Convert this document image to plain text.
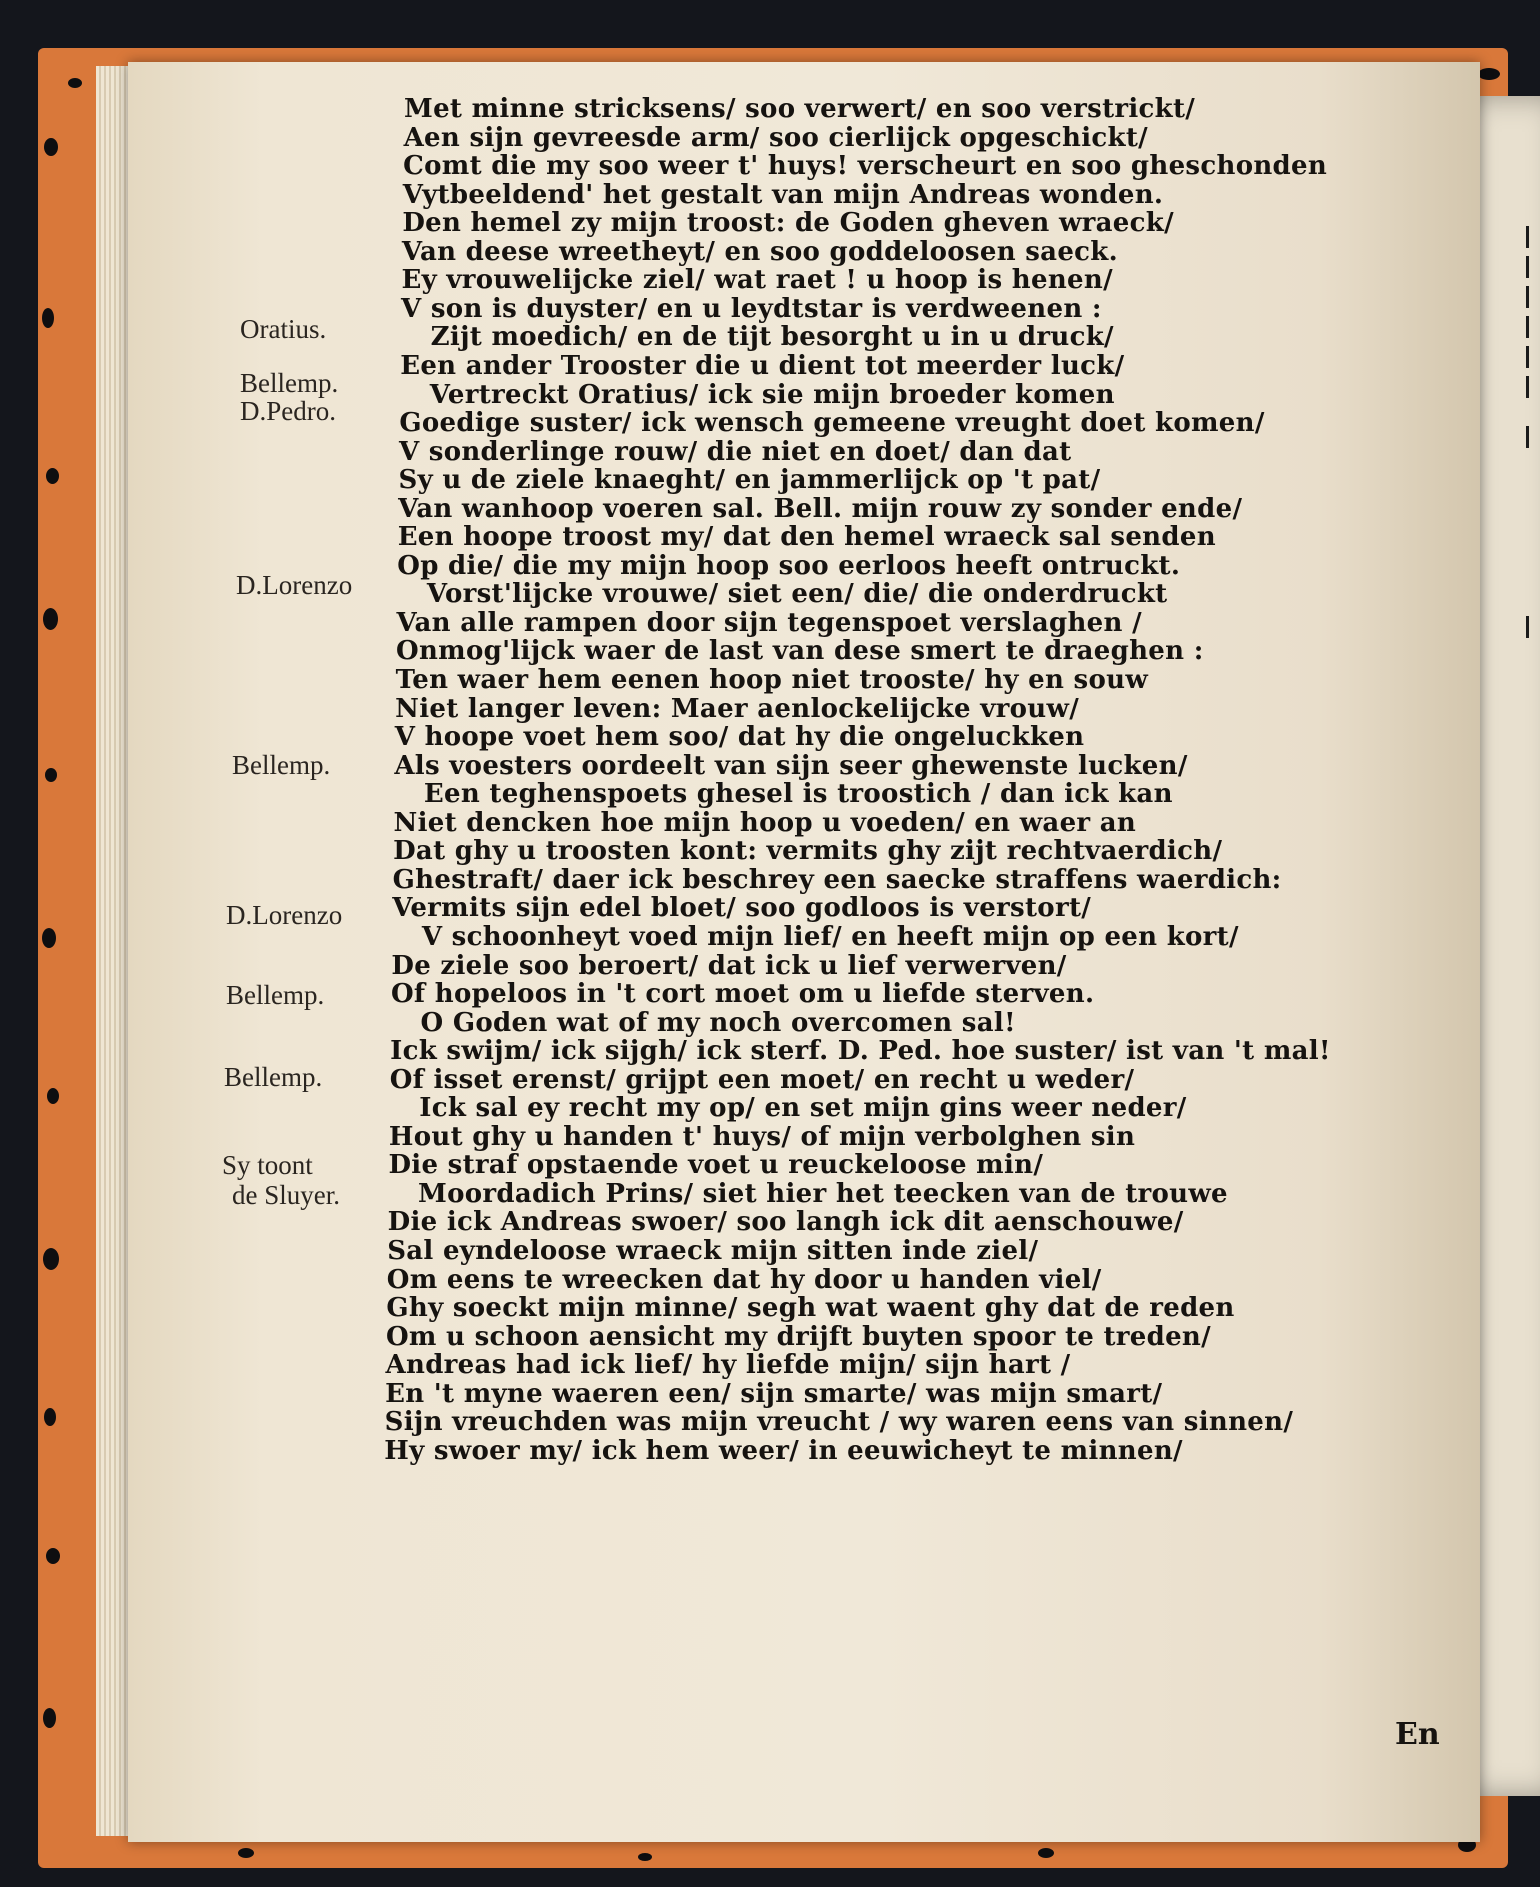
Met minne stricksens/ soo verwert/ en soo verstrickt/
Aen sijn gevreesde arm/ soo cierlijck opgeschickt/
Comt die my soo weer t' huys! verscheurt en soo gheschonden
Vytbeeldend' het gestalt van mijn Andreas wonden.
Den hemel zy mijn troost: de Goden gheven wraeck/
Van deese wreetheyt/ en soo goddeloosen saeck.
Ey vrouwelijcke ziel/ wat raet ! u hoop is henen/
V son is duyster/ en u leydtstar is verdweenen :
Zijt moedich/ en de tijt besorght u in u druck/
Een ander Trooster die u dient tot meerder luck/
Vertreckt Oratius/ ick sie mijn broeder komen
Goedige suster/ ick wensch gemeene vreught doet komen/
V sonderlinge rouw/ die niet en doet/ dan dat
Sy u de ziele knaeght/ en jammerlijck op 't pat/
Van wanhoop voeren sal. Bell. mijn rouw zy sonder ende/
Een hoope troost my/ dat den hemel wraeck sal senden
Op die/ die my mijn hoop soo eerloos heeft ontruckt.
Vorst'lijcke vrouwe/ siet een/ die/ die onderdruckt
Van alle rampen door sijn tegenspoet verslaghen /
Onmog'lijck waer de last van dese smert te draeghen :
Ten waer hem eenen hoop niet trooste/ hy en souw
Niet langer leven: Maer aenlockelijcke vrouw/
V hoope voet hem soo/ dat hy die ongeluckken
Als voesters oordeelt van sijn seer ghewenste lucken/
Een teghenspoets ghesel is troostich / dan ick kan
Niet dencken hoe mijn hoop u voeden/ en waer an
Dat ghy u troosten kont: vermits ghy zijt rechtvaerdich/
Ghestraft/ daer ick beschrey een saecke straffens waerdich:
Vermits sijn edel bloet/ soo godloos is verstort/
V schoonheyt voed mijn lief/ en heeft mijn op een kort/
De ziele soo beroert/ dat ick u lief verwerven/
Of hopeloos in 't cort moet om u liefde sterven.
O Goden wat of my noch overcomen sal!
Ick swijm/ ick sijgh/ ick sterf. D. Ped. hoe suster/ ist van 't mal!
Of isset erenst/ grijpt een moet/ en recht u weder/
Ick sal ey recht my op/ en set mijn gins weer neder/
Hout ghy u handen t' huys/ of mijn verbolghen sin
Die straf opstaende voet u reuckeloose min/
Moordadich Prins/ siet hier het teecken van de trouwe
Die ick Andreas swoer/ soo langh ick dit aenschouwe/
Sal eyndeloose wraeck mijn sitten inde ziel/
Om eens te wreecken dat hy door u handen viel/
Ghy soeckt mijn minne/ segh wat waent ghy dat de reden
Om u schoon aensicht my drijft buyten spoor te treden/
Andreas had ick lief/ hy liefde mijn/ sijn hart /
En 't myne waeren een/ sijn smarte/ was mijn smart/
Sijn vreuchden was mijn vreucht / wy waren eens van sinnen/
Hy swoer my/ ick hem weer/ in eeuwicheyt te minnen/
Oratius.
Bellemp.
D.Pedro.
D.Lorenzo
Bellemp.
D.Lorenzo
Bellemp.
Bellemp.
Sy toont
de Sluyer.
En
